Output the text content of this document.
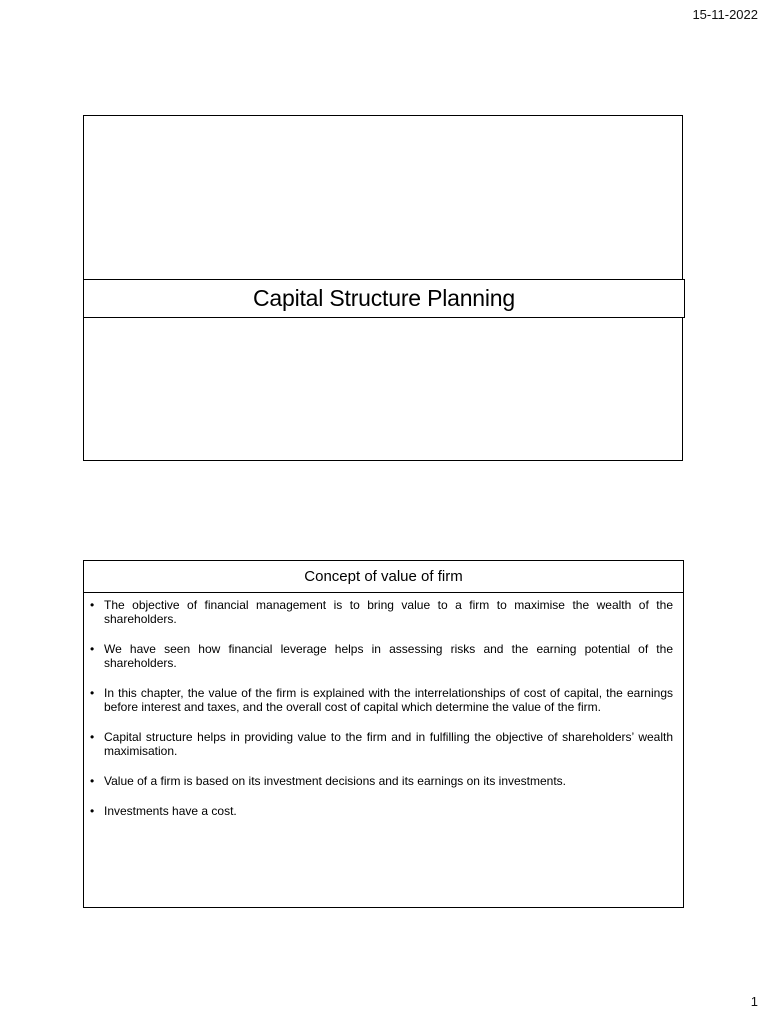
15-11-2022
Capital Structure Planning
Concept of value of firm
• The objective of financial management is to bring value to a firm to maximise the wealth of the shareholders.
• We have seen how financial leverage helps in assessing risks and the earning potential of the shareholders.
• In this chapter, the value of the firm is explained with the interrelationships of cost of capital, the earnings before interest and taxes, and the overall cost of capital which determine the value of the firm.
• Capital structure helps in providing value to the firm and in fulfilling the objective of shareholders’ wealth maximisation.
• Value of a firm is based on its investment decisions and its earnings on its investments.
• Investments have a cost.
1
